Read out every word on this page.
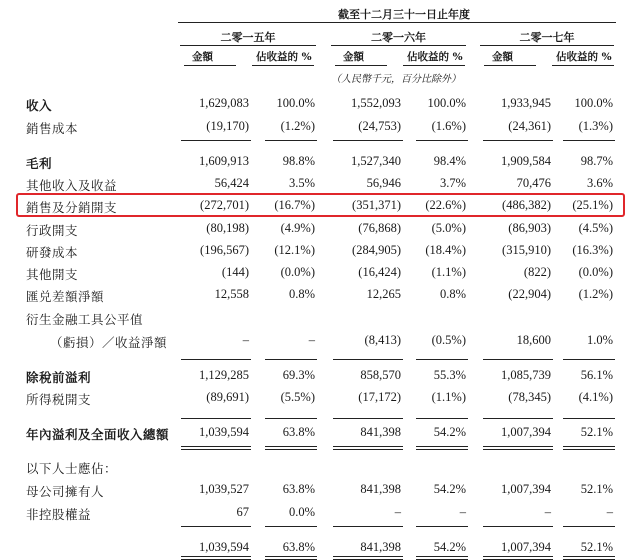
截至十二月三十一日止年度
二零一五年
金額	佔收益的 %
二零一六年
金額	佔收益的 %
二零一七年
金額	佔收益的 %
（人民幣千元，百分比除外）
收入	1,629,083	100.0%	1,552,093	100.0%	1,933,945	100.0%
銷售成本	(19,170)	(1.2%)	(24,753)	(1.6%)	(24,361)	(1.3%)
毛利	1,609,913	98.8%	1,527,340	98.4%	1,909,584	98.7%
其他收入及收益	56,424	3.5%	56,946	3.7%	70,476	3.6%
銷售及分銷開支	(272,701)	(16.7%)	(351,371)	(22.6%)	(486,382)	(25.1%)
行政開支	(80,198)	(4.9%)	(76,868)	(5.0%)	(86,903)	(4.5%)
研發成本	(196,567)	(12.1%)	(284,905)	(18.4%)	(315,910)	(16.3%)
其他開支	(144)	(0.0%)	(16,424)	(1.1%)	(822)	(0.0%)
匯兑差額淨額	12,558	0.8%	12,265	0.8%	(22,904)	(1.2%)
衍生金融工具公平值
（虧損）／收益淨額	–	–	(8,413)	(0.5%)	18,600	1.0%
除稅前溢利	1,129,285	69.3%	858,570	55.3%	1,085,739	56.1%
所得税開支	(89,691)	(5.5%)	(17,172)	(1.1%)	(78,345)	(4.1%)
年內溢利及全面收入總額	1,039,594	63.8%	841,398	54.2%	1,007,394	52.1%
以下人士應佔：
母公司擁有人	1,039,527	63.8%	841,398	54.2%	1,007,394	52.1%
非控股權益	67	0.0%	–	–	–	–
1,039,594	63.8%	841,398	54.2%	1,007,394	52.1%
